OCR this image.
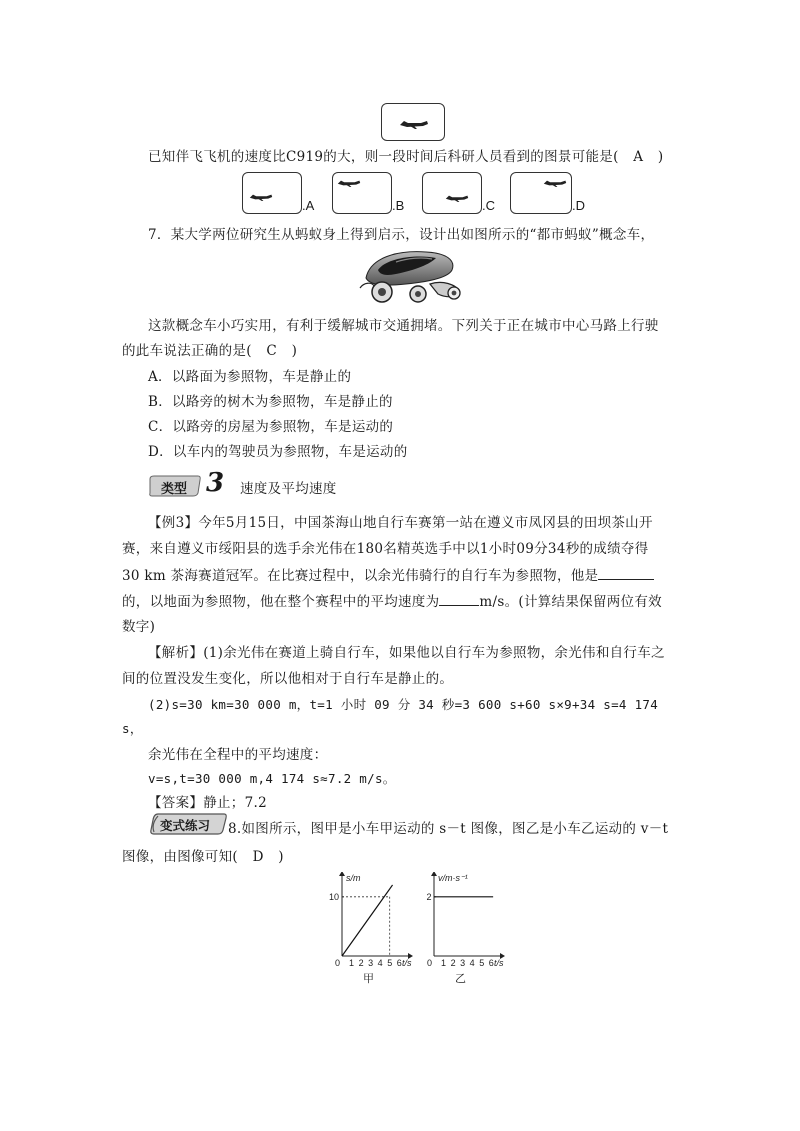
已知伴飞飞机的速度比C919的大，则一段时间后科研人员看到的图景可能是( A )
.A	.B	.C	.D
7．某大学两位研究生从蚂蚁身上得到启示，设计出如图所示的“都市蚂蚁”概念车，
这款概念车小巧实用，有利于缓解城市交通拥堵。下列关于正在城市中心马路上行驶
的此车说法正确的是( C )
A．以路面为参照物，车是静止的
B．以路旁的树木为参照物，车是静止的
C．以路旁的房屋为参照物，车是运动的
D．以车内的驾驶员为参照物，车是运动的
类型 3 速度及平均速度
【例3】今年5月15日，中国茶海山地自行车赛第一站在遵义市凤冈县的田坝茶山开
赛，来自遵义市绥阳县的选手余光伟在180名精英选手中以1小时09分34秒的成绩夺得
30 km 茶海赛道冠军。在比赛过程中，以余光伟骑行的自行车为参照物，他是
的，以地面为参照物，他在整个赛程中的平均速度为	m/s。(计算结果保留两位有效
数字)
【解析】(1)余光伟在赛道上骑自行车，如果他以自行车为参照物，余光伟和自行车之
间的位置没发生变化，所以他相对于自行车是静止的。
(2)s=30 km=30 000 m，t=1 小时 09 分 34 秒=3 600 s+60 s×9+34 s=4 174
s，
余光伟在全程中的平均速度：
v=s,t=30 000 m,4 174 s≈7.2 m/s。
【答案】静止；7.2
变式练习 8.如图所示，图甲是小车甲运动的 s－t 图像，图乙是小车乙运动的 v－t
图像，由图像可知( D )
s/m
0 1 2 3 4 5 6 t/s
10
甲
v/m·s⁻¹
0 1 2 3 4 5 6 t/s
2
乙
